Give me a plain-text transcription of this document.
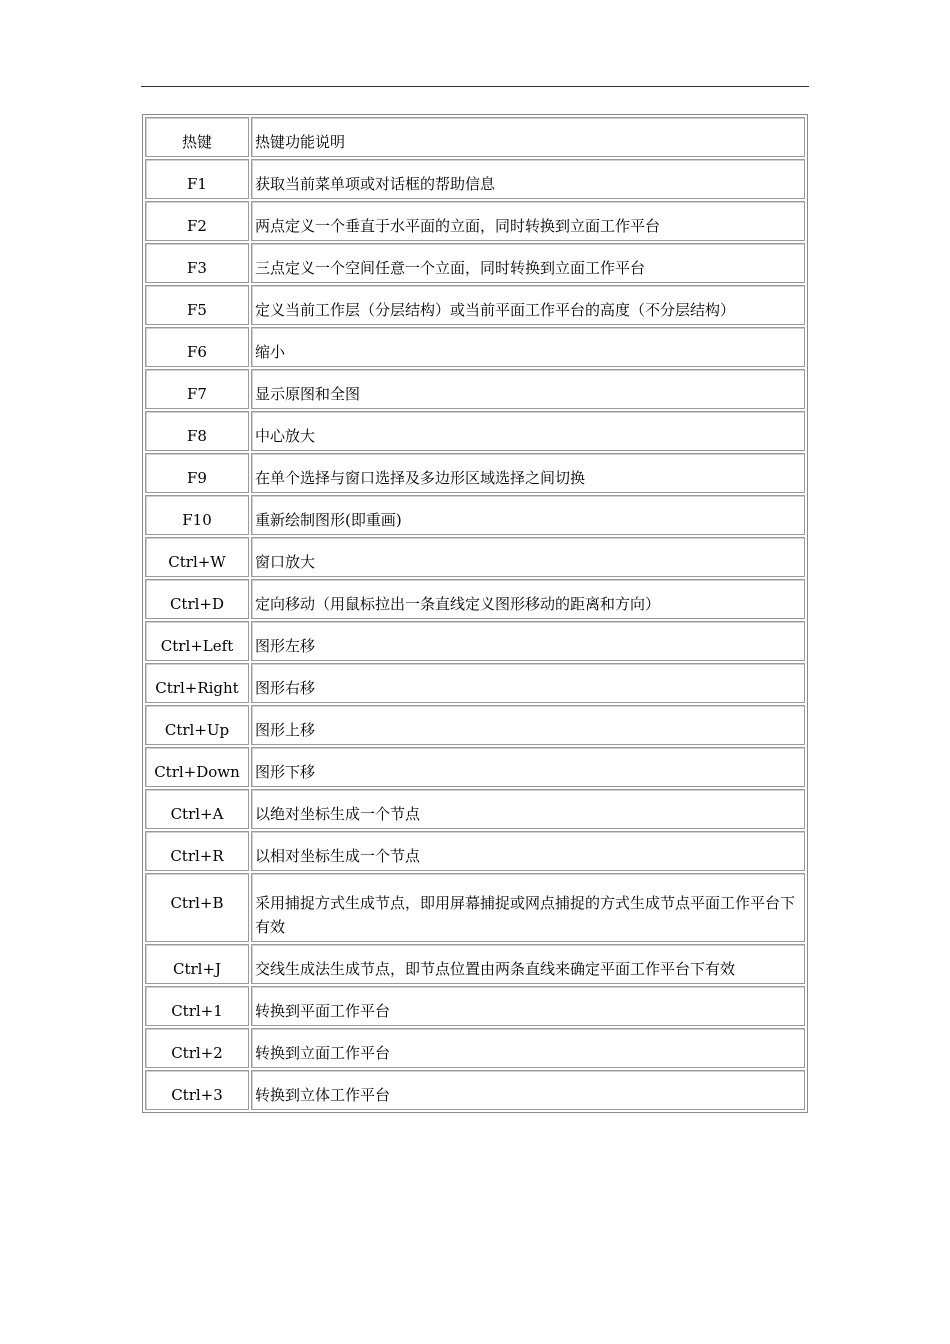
热键	热键功能说明
F1	获取当前菜单项或对话框的帮助信息
F2	两点定义一个垂直于水平面的立面，同时转换到立面工作平台
F3	三点定义一个空间任意一个立面，同时转换到立面工作平台
F5	定义当前工作层（分层结构）或当前平面工作平台的高度（不分层结构）
F6	缩小
F7	显示原图和全图
F8	中心放大
F9	在单个选择与窗口选择及多边形区域选择之间切换
F10	重新绘制图形(即重画)
Ctrl+W	窗口放大
Ctrl+D	定向移动（用鼠标拉出一条直线定义图形移动的距离和方向）
Ctrl+Left	图形左移
Ctrl+Right	图形右移
Ctrl+Up	图形上移
Ctrl+Down	图形下移
Ctrl+A	以绝对坐标生成一个节点
Ctrl+R	以相对坐标生成一个节点
Ctrl+B	采用捕捉方式生成节点，即用屏幕捕捉或网点捕捉的方式生成节点平面工作平台下有效
Ctrl+J	交线生成法生成节点，即节点位置由两条直线来确定平面工作平台下有效
Ctrl+1	转换到平面工作平台
Ctrl+2	转换到立面工作平台
Ctrl+3	转换到立体工作平台
